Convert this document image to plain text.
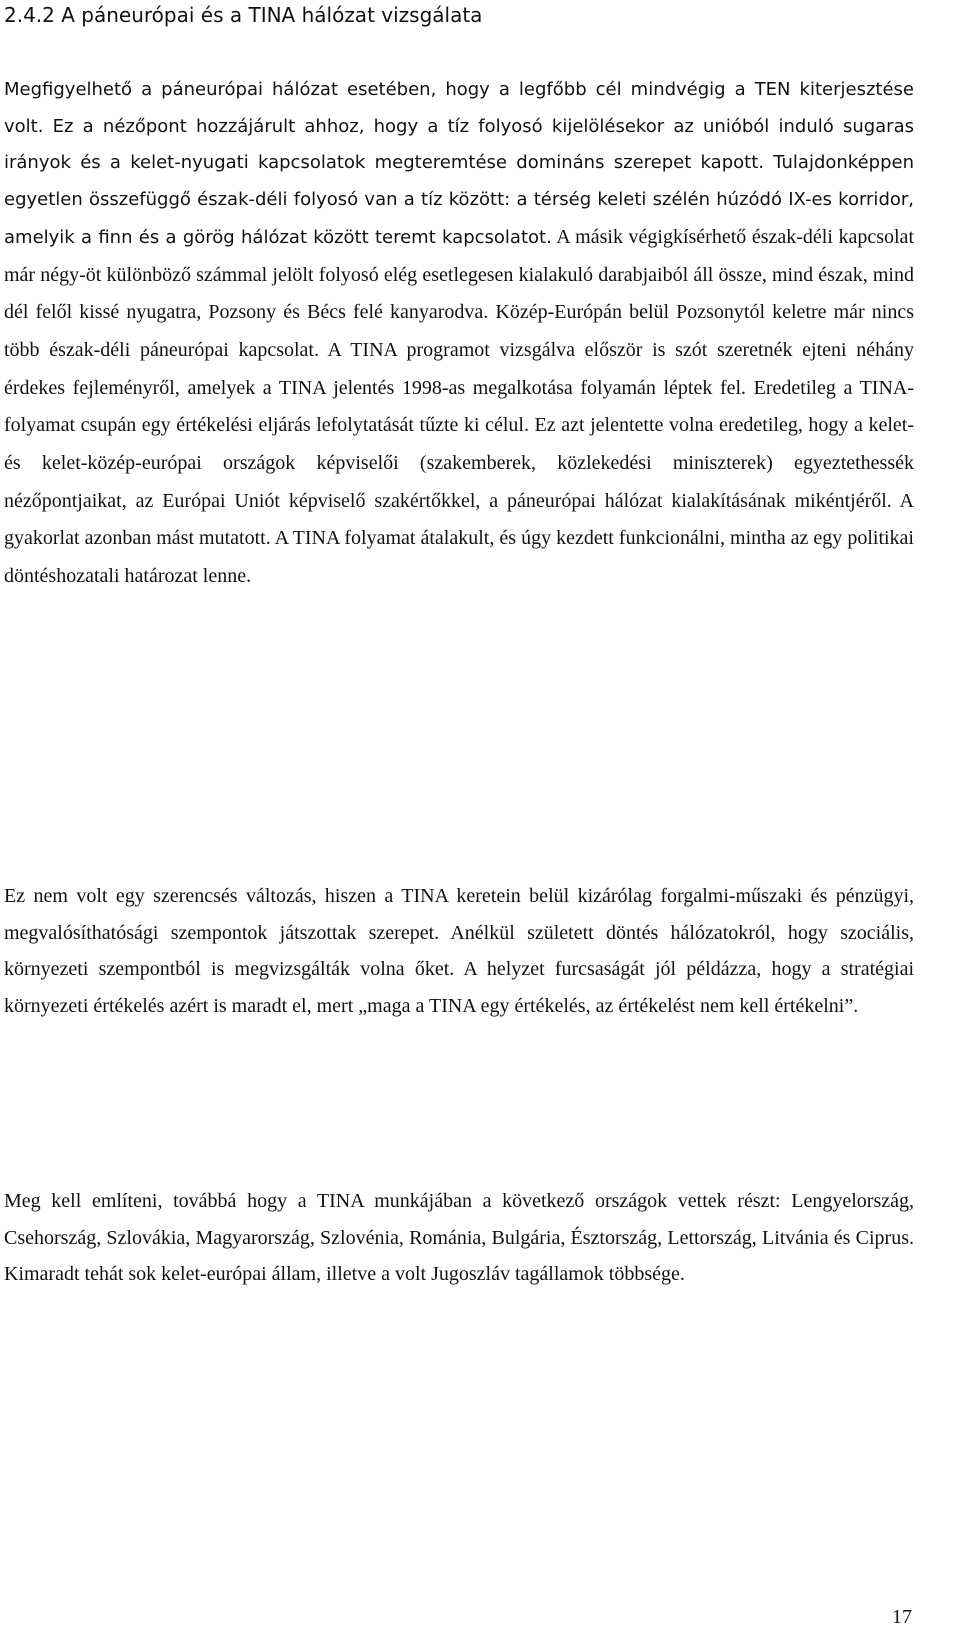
2.4.2 A páneurópai és a TINA hálózat vizsgálata

Megfigyelhető a páneurópai hálózat esetében, hogy a legfőbb cél mindvégig a TEN kiterjesztése volt. Ez a nézőpont hozzájárult ahhoz, hogy a tíz folyosó kijelölésekor az unióból induló sugaras irányok és a kelet-nyugati kapcsolatok megteremtése domináns szerepet kapott. Tulajdonképpen egyetlen összefüggő észak-déli folyosó van a tíz között: a térség keleti szélén húzódó IX-es korridor, amelyik a finn és a görög hálózat között teremt kapcsolatot. A másik végigkísérhető észak-déli kapcsolat már négy-öt különböző számmal jelölt folyosó elég esetlegesen kialakuló darabjaiból áll össze, mind észak, mind dél felől kissé nyugatra, Pozsony és Bécs felé kanyarodva. Közép-Európán belül Pozsonytól keletre már nincs több észak-déli páneurópai kapcsolat. A TINA programot vizsgálva először is szót szeretnék ejteni néhány érdekes fejleményről, amelyek a TINA jelentés 1998-as megalkotása folyamán léptek fel. Eredetileg a TINA-folyamat csupán egy értékelési eljárás lefolytatását tűzte ki célul. Ez azt jelentette volna eredetileg, hogy a kelet- és kelet-közép-európai országok képviselői (szakemberek, közlekedési miniszterek) egyeztethessék nézőpontjaikat, az Európai Uniót képviselő szakértőkkel, a páneurópai hálózat kialakításának mikéntjéről. A gyakorlat azonban mást mutatott. A TINA folyamat átalakult, és úgy kezdett funkcionálni, mintha az egy politikai döntéshozatali határozat lenne.

Ez nem volt egy szerencsés változás, hiszen a TINA keretein belül kizárólag forgalmi-műszaki és pénzügyi, megvalósíthatósági szempontok játszottak szerepet. Anélkül született döntés hálózatokról, hogy szociális, környezeti szempontból is megvizsgálták volna őket. A helyzet furcsaságát jól példázza, hogy a stratégiai környezeti értékelés azért is maradt el, mert „maga a TINA egy értékelés, az értékelést nem kell értékelni”.

Meg kell említeni, továbbá hogy a TINA munkájában a következő országok vettek részt: Lengyelország, Csehország, Szlovákia, Magyarország, Szlovénia, Románia, Bulgária, Észtország, Lettország, Litvánia és Ciprus. Kimaradt tehát sok kelet-európai állam, illetve a volt Jugoszláv tagállamok többsége.

17
